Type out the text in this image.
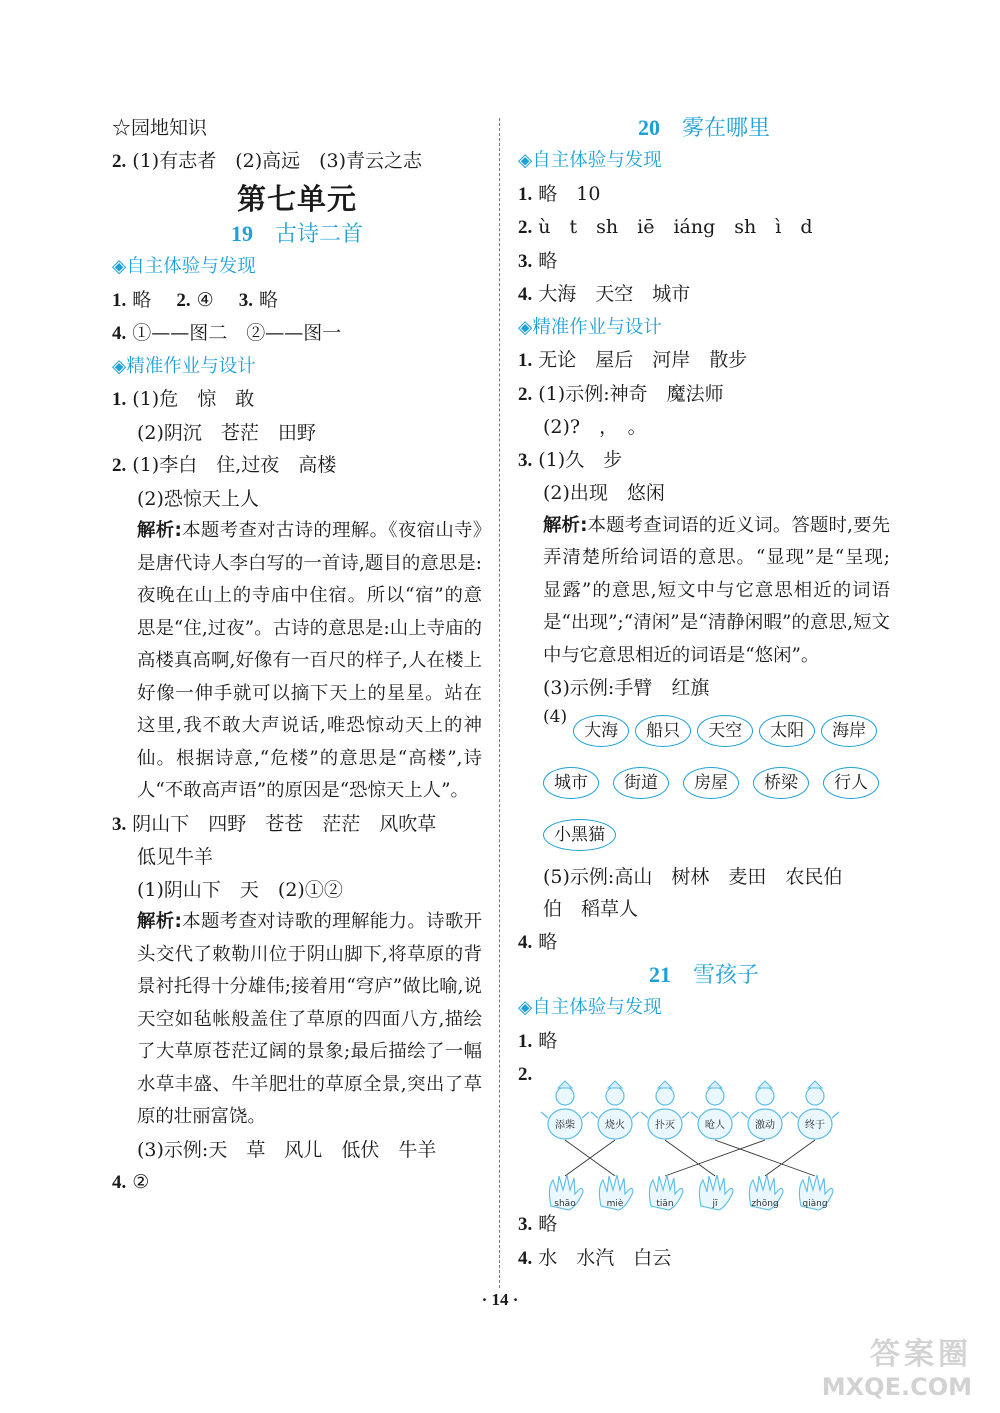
☆园地知识
2. (1)有志者　(2)高远　(3)青云之志
第七单元
19 古诗二首
◈自主体验与发现
1. 略　 2. ④　 3. 略
4. ①——图二　②——图一
◈精准作业与设计
1. (1)危　惊　敢
(2)阴沉　苍茫　田野
2. (1)李白　住,过夜　高楼
(2)恐惊天上人
解析:本题考查对古诗的理解。《夜宿山寺》是唐代诗人李白写的一首诗,题目的意思是:夜晚在山上的寺庙中住宿。所以“宿”的意思是“住,过夜”。古诗的意思是:山上寺庙的高楼真高啊,好像有一百尺的样子,人在楼上好像一伸手就可以摘下天上的星星。站在这里,我不敢大声说话,唯恐惊动天上的神仙。根据诗意,“危楼”的意思是“高楼”,诗人“不敢高声语”的原因是“恐惊天上人”。
3. 阴山下　四野　苍苍　茫茫　风吹草
低见牛羊
(1)阴山下　天　(2)①②
解析:本题考查对诗歌的理解能力。诗歌开头交代了敕勒川位于阴山脚下,将草原的背景衬托得十分雄伟;接着用“穹庐”做比喻,说天空如毡帐般盖住了草原的四面八方,描绘了大草原苍茫辽阔的景象;最后描绘了一幅水草丰盛、牛羊肥壮的草原全景,突出了草原的壮丽富饶。
(3)示例:天　草　风儿　低伏　牛羊
4. ②
20 雾在哪里
◈自主体验与发现
1. 略　10
2. ù　t　sh　iē　iáng　sh　ì　d
3. 略
4. 大海　天空　城市
◈精准作业与设计
1. 无论　屋后　河岸　散步
2. (1)示例:神奇　魔法师
(2)?　，　。
3. (1)久　步
(2)出现　悠闲
解析:本题考查词语的近义词。答题时,要先弄清楚所给词语的意思。“显现”是“呈现;显露”的意思,短文中与它意思相近的词语是“出现”;“清闲”是“清静闲暇”的意思,短文中与它意思相近的词语是“悠闲”。
(3)示例:手臂　红旗
(4)
大海	船只	天空	太阳	海岸
城市	街道	房屋	桥梁	行人
小黑猫
(5)示例:高山　树林　麦田　农民伯
伯　稻草人
4. 略
21 雪孩子
◈自主体验与发现
1. 略
2.
3. 略
4. 水　水汽　白云
添柴	烧火	扑灭	呛人	激动	终于
shāo	miè	tiān	jī	zhōng	qiàng
· 14 ·
答案圈
MXQE.COM
